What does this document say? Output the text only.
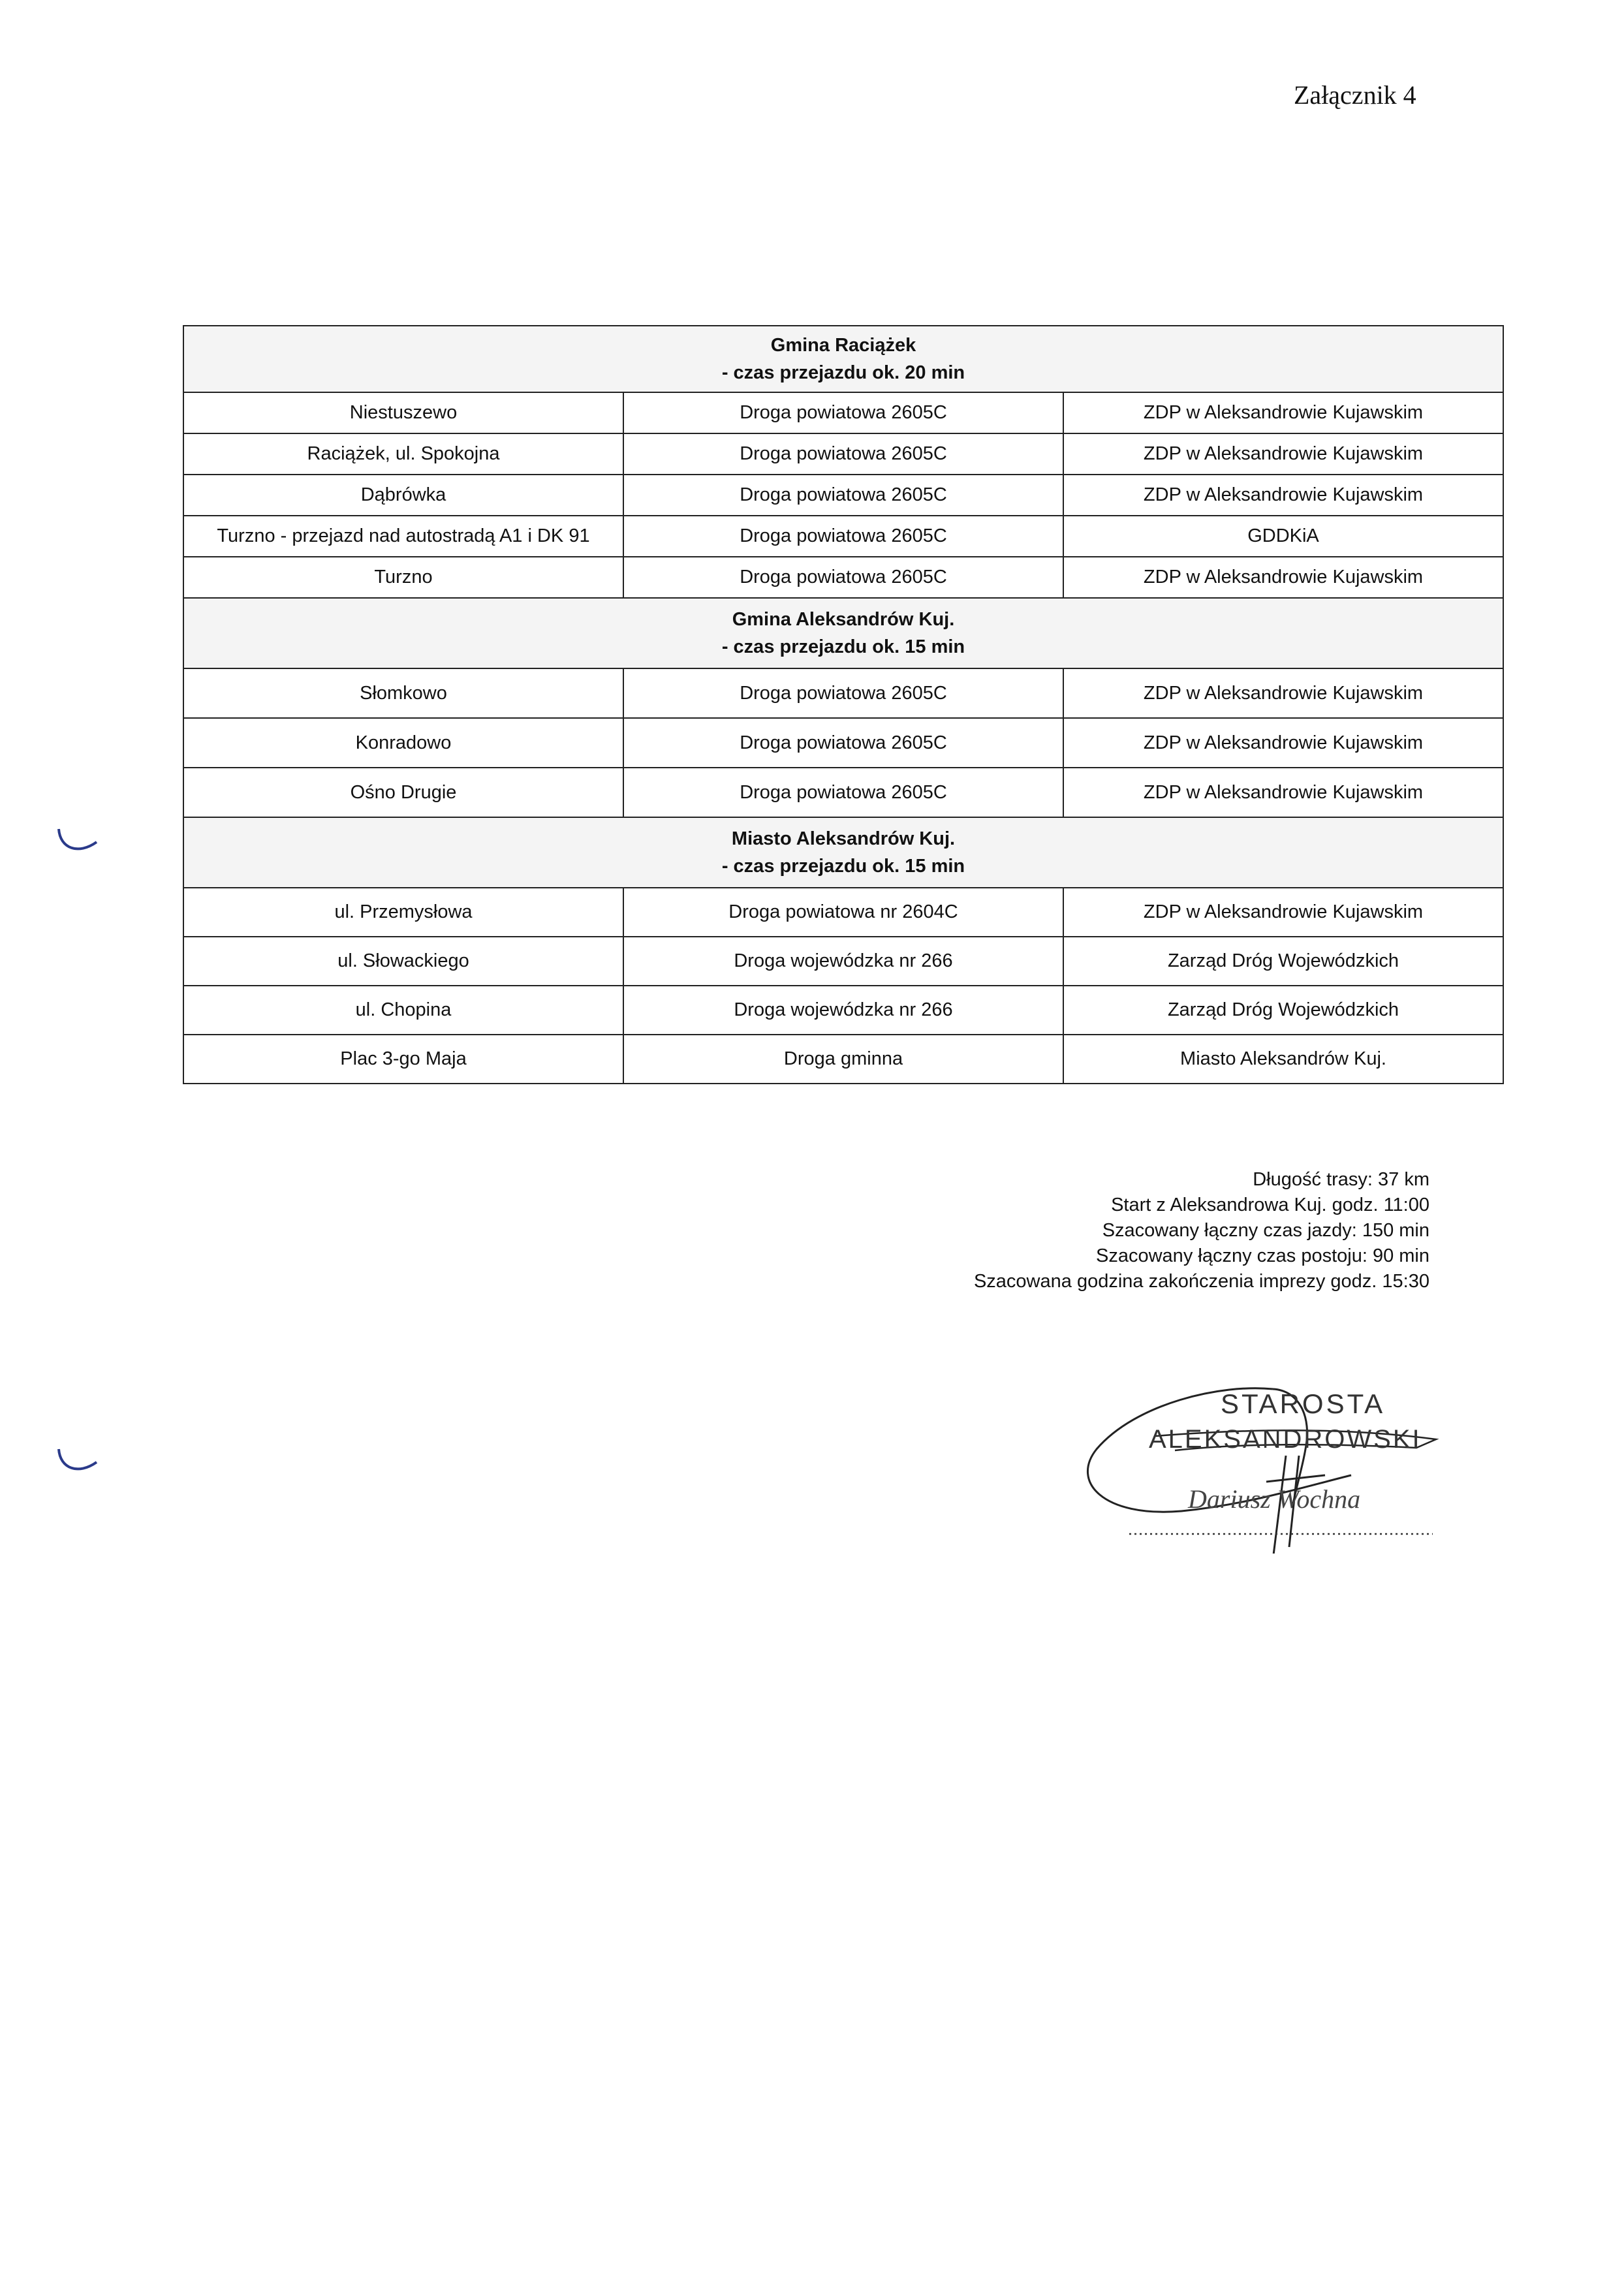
Załącznik 4
Gmina Raciążek
- czas przejazdu ok. 20 min		

Niestuszewo	Droga powiatowa 2605C	ZDP w Aleksandrowie Kujawskim
Raciążek, ul. Spokojna	Droga powiatowa 2605C	ZDP w Aleksandrowie Kujawskim
Dąbrówka	Droga powiatowa 2605C	ZDP w Aleksandrowie Kujawskim
Turzno - przejazd nad autostradą A1 i DK 91	Droga powiatowa 2605C	GDDKiA
Turzno	Droga powiatowa 2605C	ZDP w Aleksandrowie Kujawskim

Gmina Aleksandrów Kuj.
- czas przejazdu ok. 15 min		

Słomkowo	Droga powiatowa 2605C	ZDP w Aleksandrowie Kujawskim
Konradowo	Droga powiatowa 2605C	ZDP w Aleksandrowie Kujawskim
Ośno Drugie	Droga powiatowa 2605C	ZDP w Aleksandrowie Kujawskim

Miasto Aleksandrów Kuj.
- czas przejazdu ok. 15 min		

ul. Przemysłowa	Droga powiatowa nr 2604C	ZDP w Aleksandrowie Kujawskim
ul. Słowackiego	Droga wojewódzka nr 266	Zarząd Dróg Wojewódzkich
ul. Chopina	Droga wojewódzka nr 266	Zarząd Dróg Wojewódzkich
Plac 3-go Maja	Droga gminna	Miasto Aleksandrów Kuj.
Długość trasy: 37 km
Start z Aleksandrowa Kuj. godz. 11:00
Szacowany łączny czas jazdy: 150 min
Szacowany łączny czas postoju: 90 min
Szacowana godzina zakończenia imprezy godz. 15:30
STAROSTA
ALEKSANDROWSKI
Dariusz Wochna
